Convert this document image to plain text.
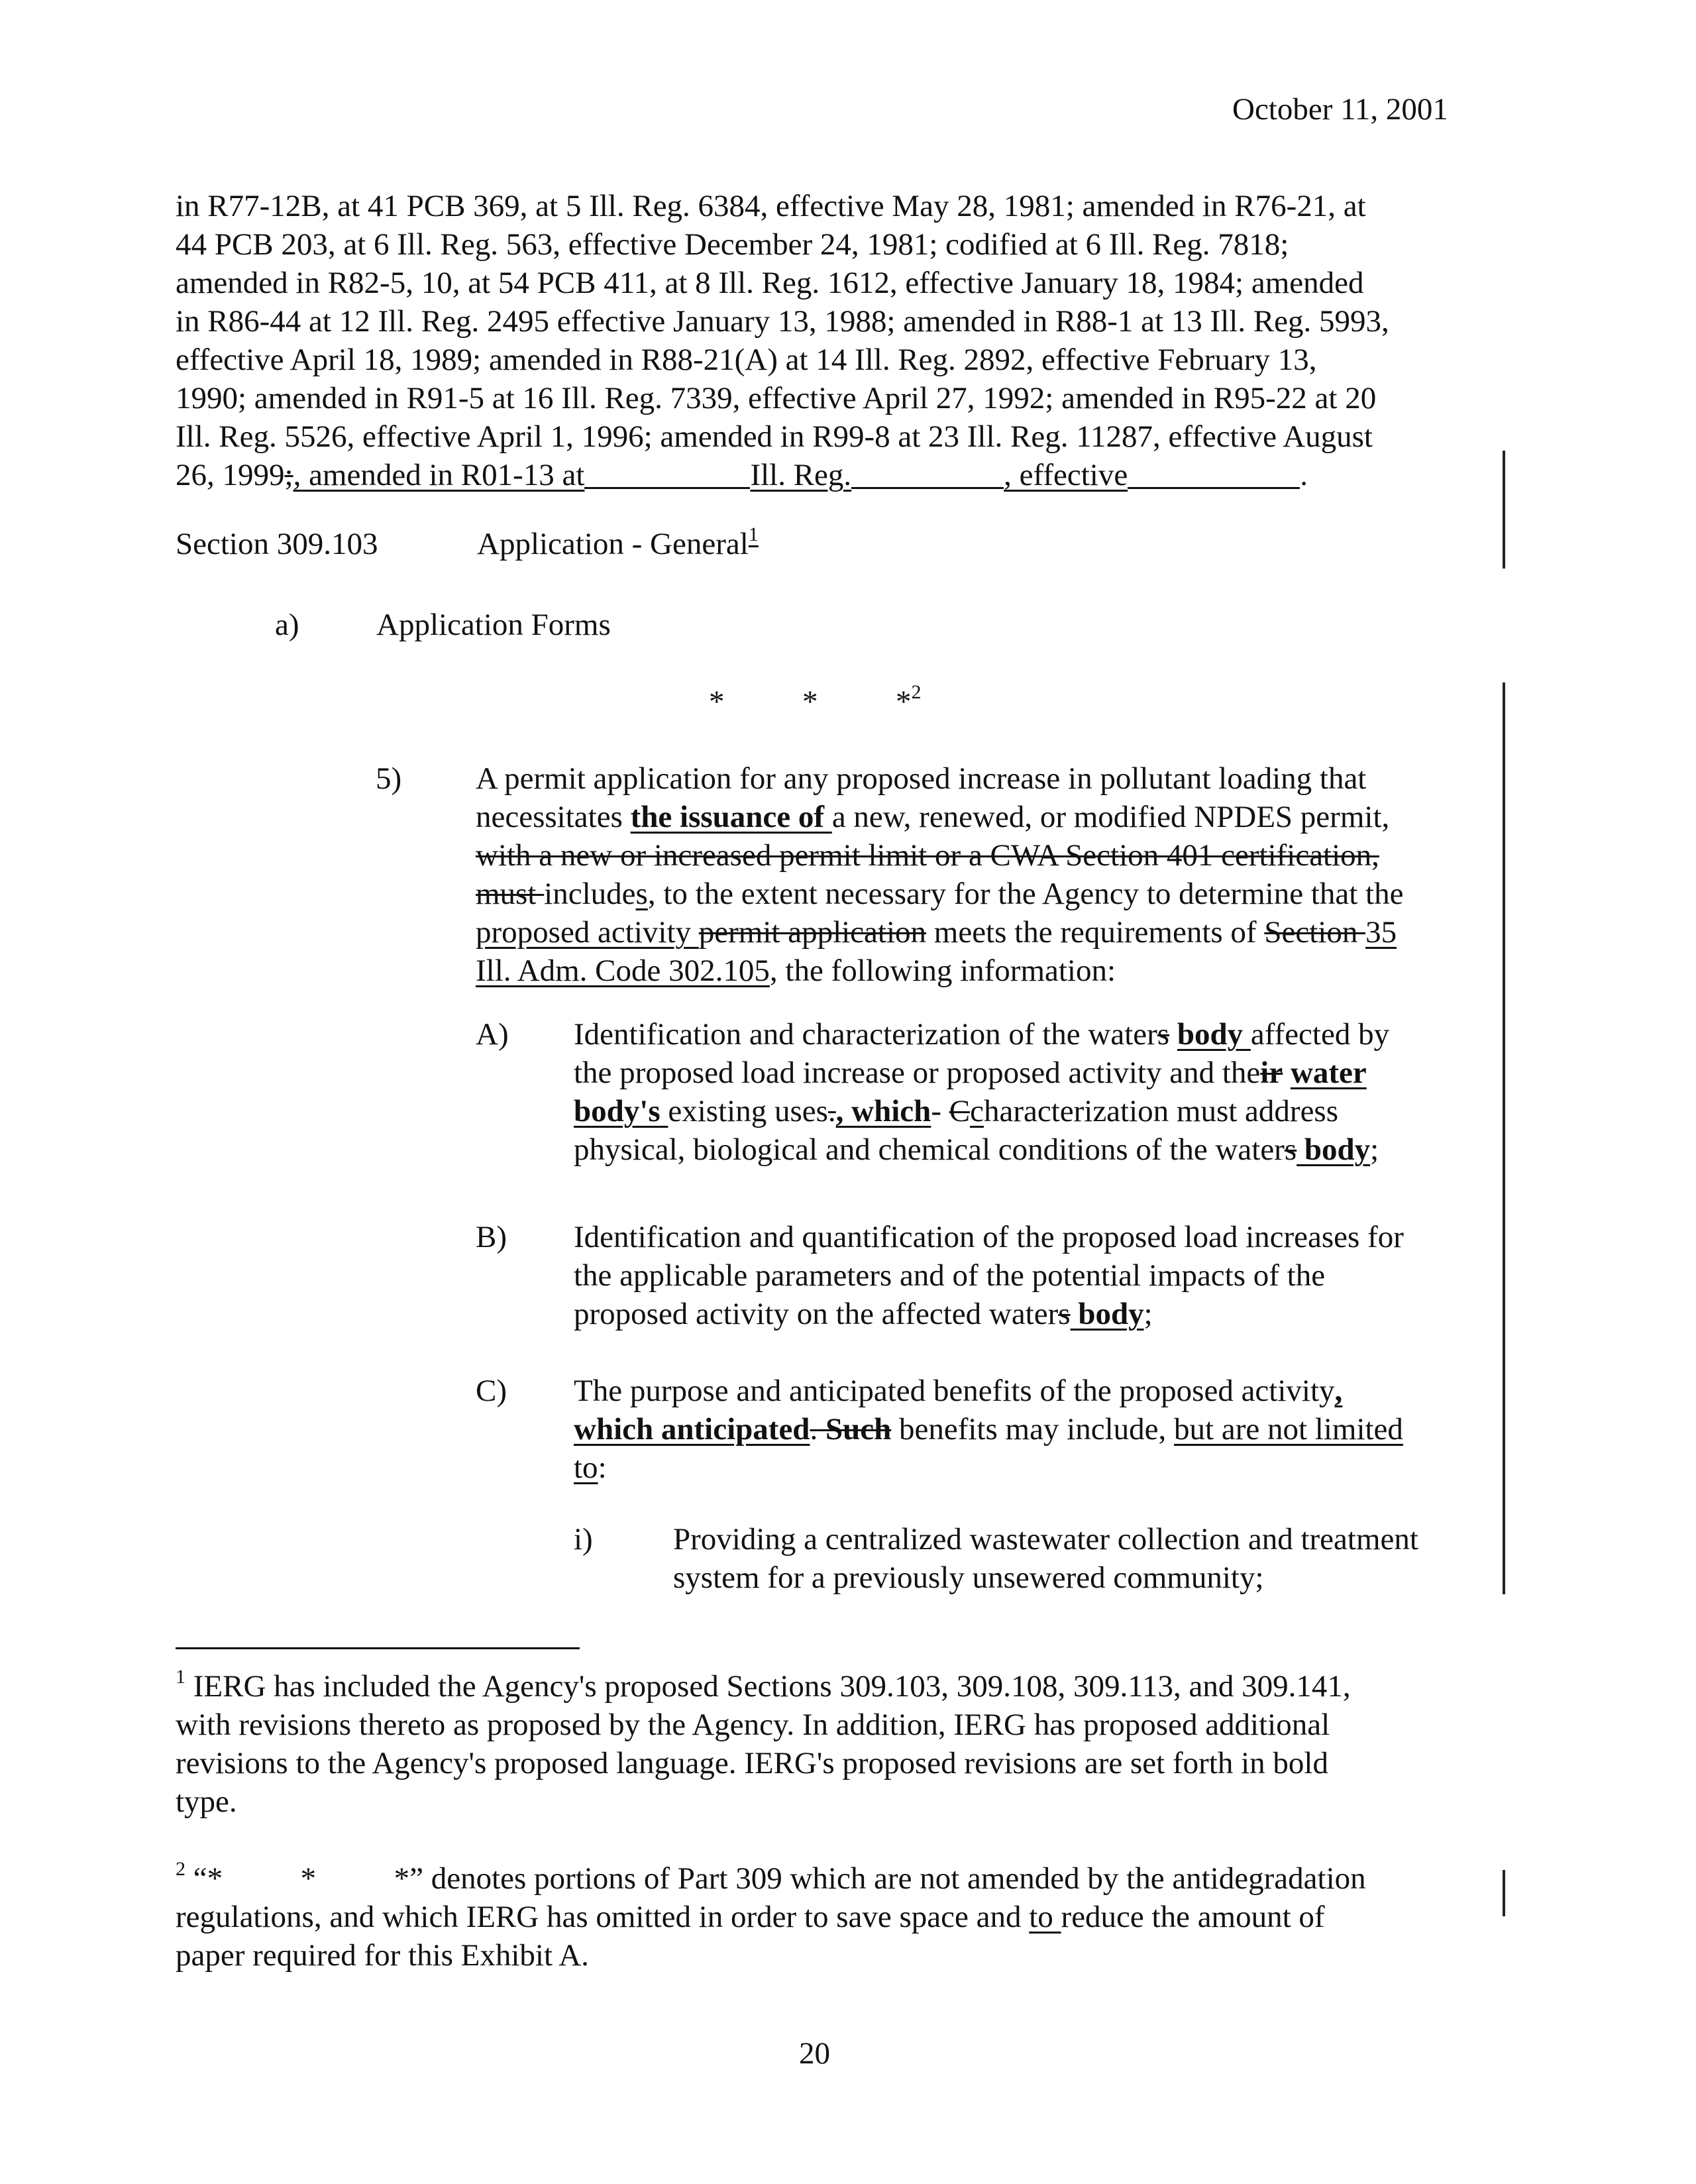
October 11, 2001

in R77-12B, at 41 PCB 369, at 5 Ill. Reg. 6384, effective May 28, 1981; amended in R76-21, at

44 PCB 203, at 6 Ill. Reg. 563, effective December 24, 1981; codified at 6 Ill. Reg. 7818;

amended in R82-5, 10, at 54 PCB 411, at 8 Ill. Reg. 1612, effective January 18, 1984; amended

in R86-44 at 12 Ill. Reg. 2495 effective January 13, 1988; amended in R88-1 at 13 Ill. Reg. 5993,

effective April 18, 1989; amended in R88-21(A) at 14 Ill. Reg. 2892, effective February 13,

1990; amended in R91-5 at 16 Ill. Reg. 7339, effective April 27, 1992; amended in R95-22 at 20

Ill. Reg. 5526, effective April 1, 1996; amended in R99-8 at 23 Ill. Reg. 11287, effective August

26, 1999;, amended in R01-13 at	Ill. Reg.	, effective	.

Section 309.103	Application - General$^1$
a) Application Forms
*          *          *$^2$
5) A permit application for any proposed increase in pollutant loading that

necessitates the issuance of a new, renewed, or modified NPDES permit,

with a new or increased permit limit or a CWA Section 401 certification,

must includes, to the extent necessary for the Agency to determine that the

proposed activity permit application meets the requirements of Section 35

Ill. Adm. Code 302.105, the following information:

A) Identification and characterization of the waters body affected by

the proposed load increase or proposed activity and their water

body's existing uses., which- Ccharacterization must address

physical, biological and chemical conditions of the waters body;

B) Identification and quantification of the proposed load increases for

the applicable parameters and of the potential impacts of the

proposed activity on the affected waters body;

C) The purpose and anticipated benefits of the proposed activity,

which anticipated. Such benefits may include, but are not limited

to:

i)	Providing a centralized wastewater collection and treatment

system for a previously unsewered community;

$^1$ IERG has included the Agency's proposed Sections 309.103, 309.108, 309.113, and 309.141,

with revisions thereto as proposed by the Agency. In addition, IERG has proposed additional

revisions to the Agency's proposed language. IERG's proposed revisions are set forth in bold

type.

$^2$ “*          *          *” denotes portions of Part 309 which are not amended by the antidegradation

regulations, and which IERG has omitted in order to save space and to reduce the amount of

paper required for this Exhibit A.

20
